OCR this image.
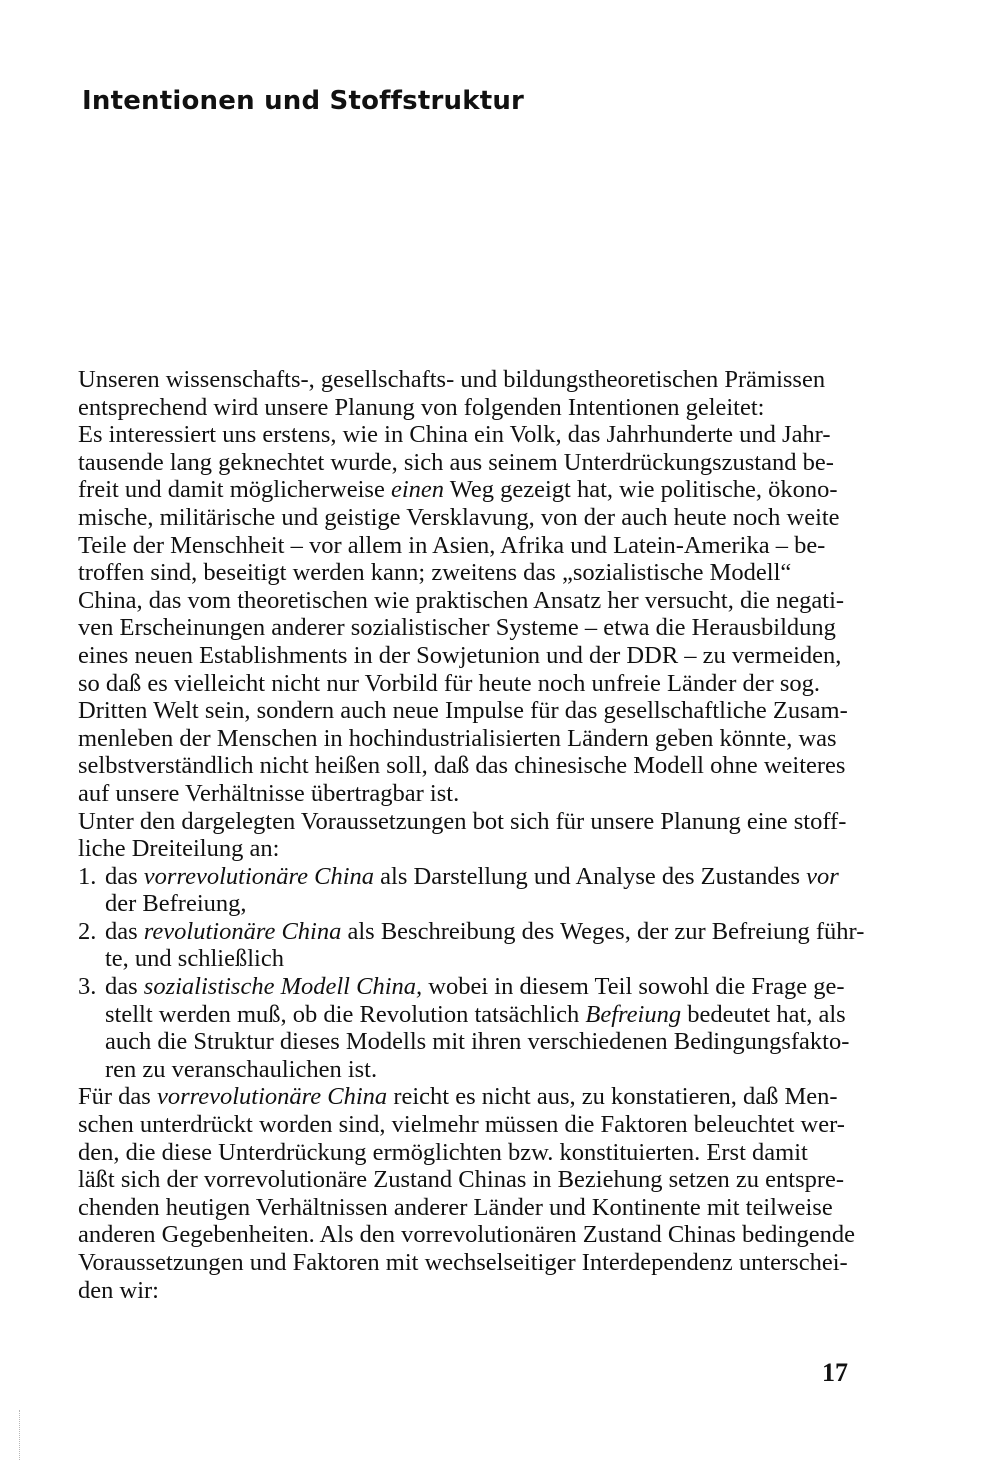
Intentionen und Stoffstruktur
Unseren wissenschafts-, gesellschafts- und bildungstheoretischen Prämissen
entsprechend wird unsere Planung von folgenden Intentionen geleitet:
Es interessiert uns erstens, wie in China ein Volk, das Jahrhunderte und Jahr-
tausende lang geknechtet wurde, sich aus seinem Unterdrückungszustand be-
freit und damit möglicherweise einen Weg gezeigt hat, wie politische, ökono-
mische, militärische und geistige Versklavung, von der auch heute noch weite
Teile der Menschheit – vor allem in Asien, Afrika und Latein-Amerika – be-
troffen sind, beseitigt werden kann; zweitens das „sozialistische Modell“
China, das vom theoretischen wie praktischen Ansatz her versucht, die negati-
ven Erscheinungen anderer sozialistischer Systeme – etwa die Herausbildung
eines neuen Establishments in der Sowjetunion und der DDR – zu vermeiden,
so daß es vielleicht nicht nur Vorbild für heute noch unfreie Länder der sog.
Dritten Welt sein, sondern auch neue Impulse für das gesellschaftliche Zusam-
menleben der Menschen in hochindustrialisierten Ländern geben könnte, was
selbstverständlich nicht heißen soll, daß das chinesische Modell ohne weiteres
auf unsere Verhältnisse übertragbar ist.
Unter den dargelegten Voraussetzungen bot sich für unsere Planung eine stoff-
liche Dreiteilung an:
1. das vorrevolutionäre China als Darstellung und Analyse des Zustandes vor
der Befreiung,
2. das revolutionäre China als Beschreibung des Weges, der zur Befreiung führ-
te, und schließlich
3. das sozialistische Modell China, wobei in diesem Teil sowohl die Frage ge-
stellt werden muß, ob die Revolution tatsächlich Befreiung bedeutet hat, als
auch die Struktur dieses Modells mit ihren verschiedenen Bedingungsfakto-
ren zu veranschaulichen ist.
Für das vorrevolutionäre China reicht es nicht aus, zu konstatieren, daß Men-
schen unterdrückt worden sind, vielmehr müssen die Faktoren beleuchtet wer-
den, die diese Unterdrückung ermöglichten bzw. konstituierten. Erst damit
läßt sich der vorrevolutionäre Zustand Chinas in Beziehung setzen zu entspre-
chenden heutigen Verhältnissen anderer Länder und Kontinente mit teilweise
anderen Gegebenheiten. Als den vorrevolutionären Zustand Chinas bedingende
Voraussetzungen und Faktoren mit wechselseitiger Interdependenz unterschei-
den wir:
17
